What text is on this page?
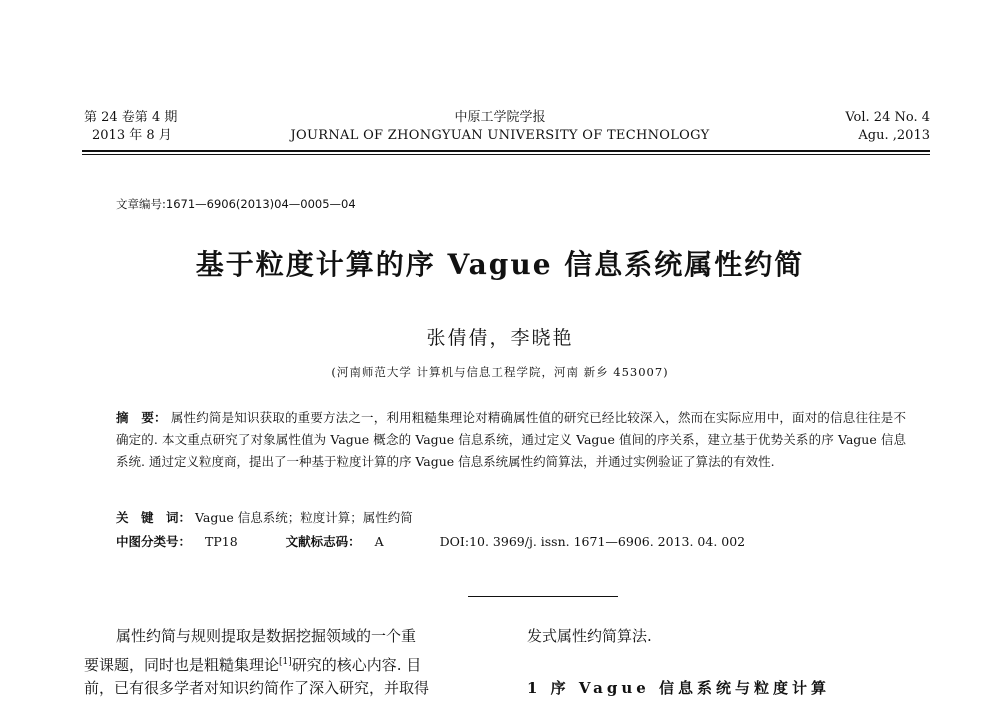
第 24 卷第 4 期
2013 年 8 月
中原工学院学报
JOURNAL OF ZHONGYUAN UNIVERSITY OF TECHNOLOGY
Vol. 24 No. 4
Agu. ,2013
文章编号:1671—6906(2013)04—0005—04
基于粒度计算的序 Vague 信息系统属性约简
张倩倩，李晓艳
(河南师范大学 计算机与信息工程学院，河南 新乡 453007)
摘　要： 属性约简是知识获取的重要方法之一，利用粗糙集理论对精确属性值的研究已经比较深入，然而在实际应用中，面对的信息往往是不确定的. 本文重点研究了对象属性值为 Vague 概念的 Vague 信息系统，通过定义 Vague 值间的序关系，建立基于优势关系的序 Vague 信息系统. 通过定义粒度商，提出了一种基于粒度计算的序 Vague 信息系统属性约简算法，并通过实例验证了算法的有效性.
关　键　词： Vague 信息系统；粒度计算；属性约简
中图分类号： TP18	文献标志码： A	DOI:10. 3969/j. issn. 1671—6906. 2013. 04. 002
属性约简与规则提取是数据挖掘领域的一个重
要课题，同时也是粗糙集理论[1]研究的核心内容. 目
前，已有很多学者对知识约简作了深入研究，并取得
发式属性约简算法.
1 序 Vague 信息系统与粒度计算
